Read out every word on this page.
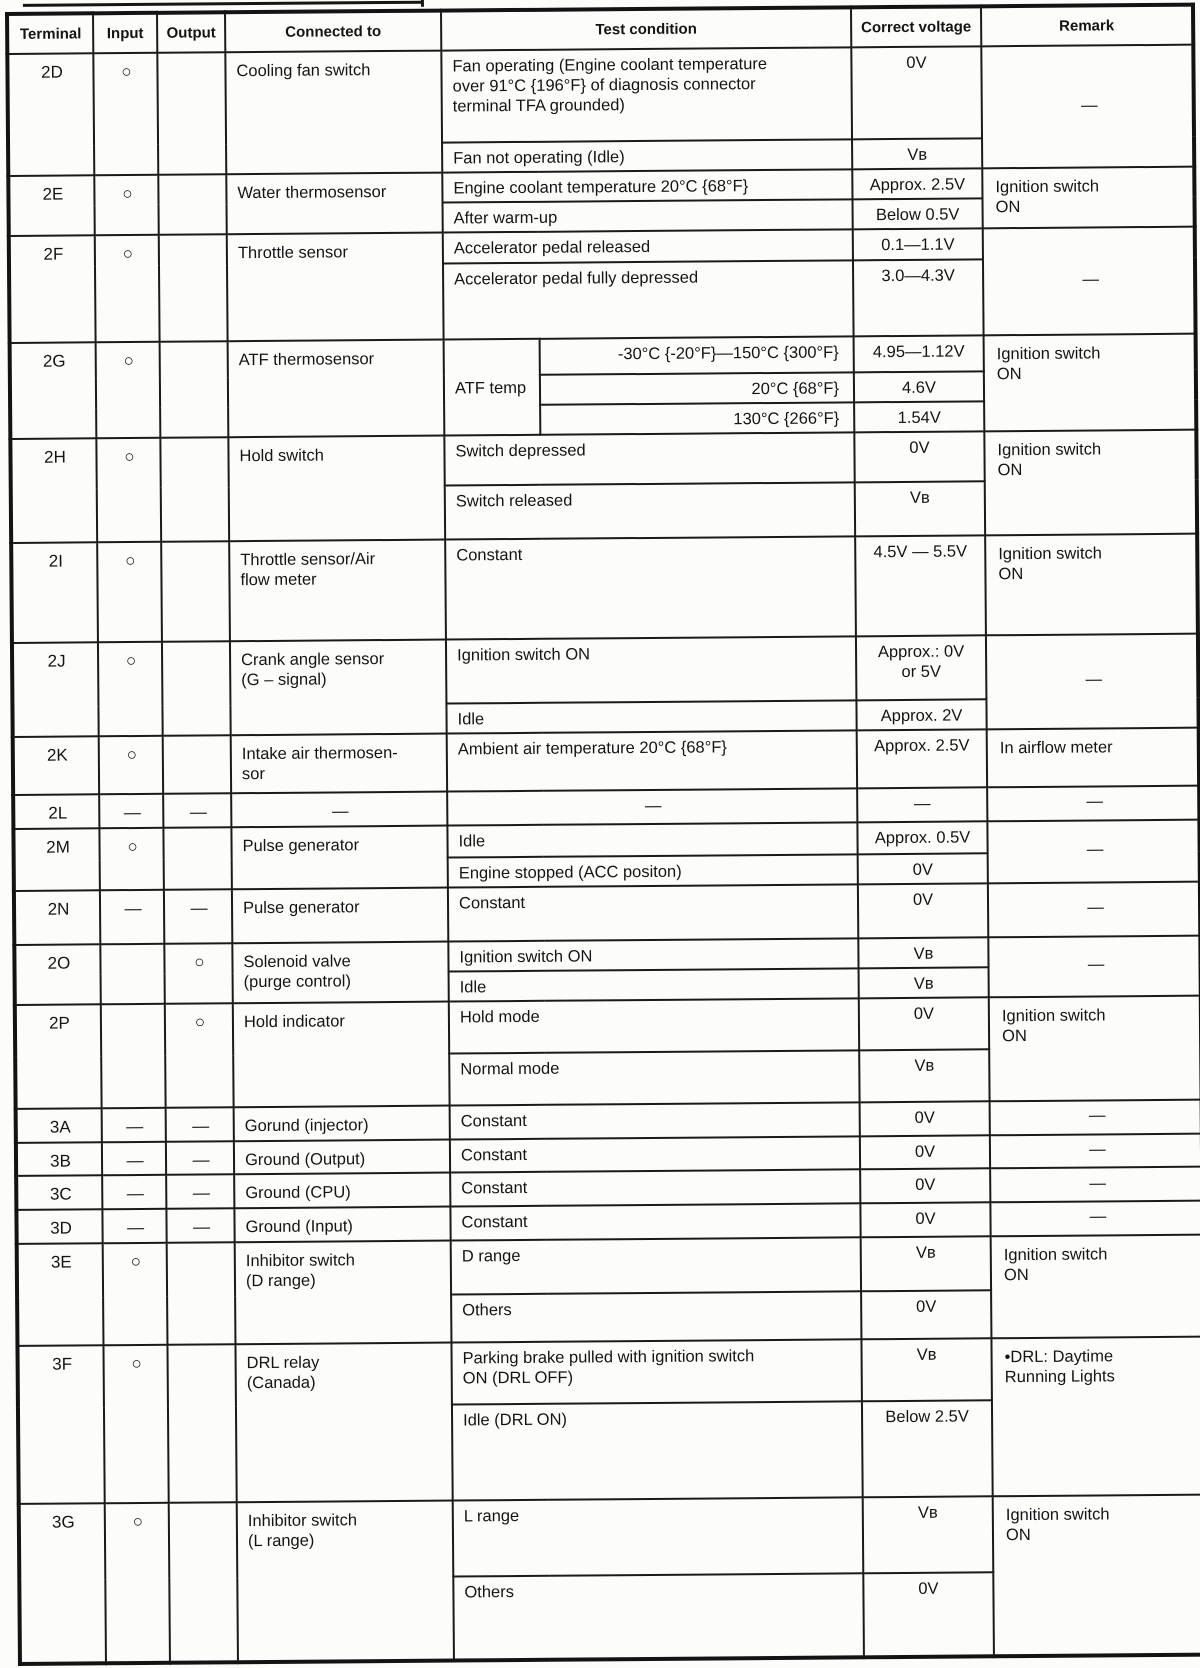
Terminal	Input	Output	Connected to	Test condition		Correct voltage	Remark
2D	○		Cooling fan switch	Fan operating (Engine coolant temperature
over 91°C {196°F} of diagnosis connector
terminal TFA grounded)		0V	—
				Fan not operating (Idle)		Vʙ	
2E	○		Water thermosensor	Engine coolant temperature 20°C {68°F}		Approx. 2.5V	Ignition switch
ON
				After warm-up		Below 0.5V	
2F	○		Throttle sensor	Accelerator pedal released		0.1—1.1V	—
				Accelerator pedal fully depressed		3.0—4.3V	
2G	○		ATF thermosensor	ATF temp	-30°C {-20°F}—150°C {300°F}	4.95—1.12V	Ignition switch
ON
					20°C {68°F}	4.6V	
					130°C {266°F}	1.54V	
2H	○		Hold switch	Switch depressed		0V	Ignition switch
ON
				Switch released		Vʙ	
2I	○		Throttle sensor/Air
flow meter	Constant		4.5V — 5.5V	Ignition switch
ON
2J	○		Crank angle sensor
(G – signal)	Ignition switch ON		Approx.: 0V
or 5V	—
				Idle		Approx. 2V	
2K	○		Intake air thermosen-
sor	Ambient air temperature 20°C {68°F}		Approx. 2.5V	In airflow meter
2L	—	—	—	—		—	—
2M	○		Pulse generator	Idle		Approx. 0.5V	—
				Engine stopped (ACC positon)		0V	
2N	—	—	Pulse generator	Constant		0V	—
2O		○	Solenoid valve
(purge control)	Ignition switch ON		Vʙ	—
				Idle		Vʙ	
2P		○	Hold indicator	Hold mode		0V	Ignition switch
ON
				Normal mode		Vʙ	
3A	—	—	Gorund (injector)	Constant		0V	—
3B	—	—	Ground (Output)	Constant		0V	—
3C	—	—	Ground (CPU)	Constant		0V	—
3D	—	—	Ground (Input)	Constant		0V	—
3E	○		Inhibitor switch
(D range)	D range		Vʙ	Ignition switch
ON
				Others		0V	
3F	○		DRL relay
(Canada)	Parking brake pulled with ignition switch
ON (DRL OFF)		Vʙ	•DRL: Daytime
Running Lights
				Idle (DRL ON)		Below 2.5V	
3G	○		Inhibitor switch
(L range)	L range		Vʙ	Ignition switch
ON
				Others		0V	
